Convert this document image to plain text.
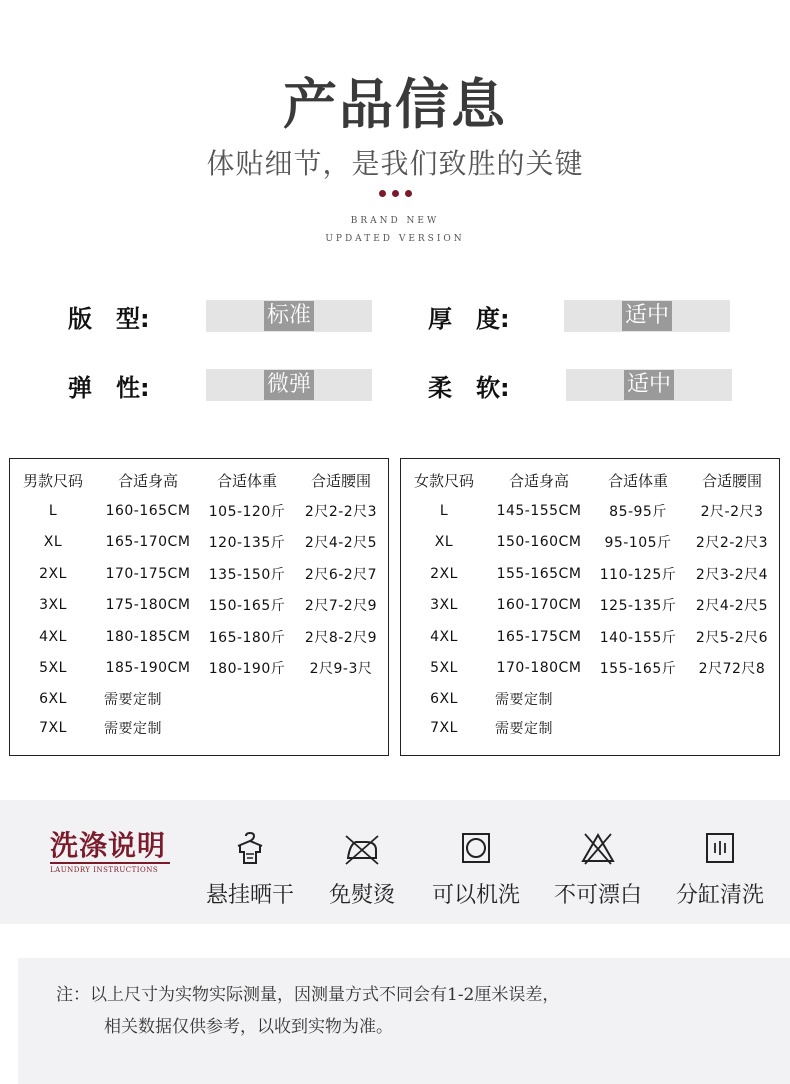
产品信息
体贴细节，是我们致胜的关键
BRAND NEW
UPDATED VERSION
版　型:	标准	厚　度:	适中
弹　性:	微弹	柔　软:	适中
男款尺码	合适身高	合适体重	合适腰围
L	160-165CM	105-120斤	2尺2-2尺3
XL	165-170CM	120-135斤	2尺4-2尺5
2XL	170-175CM	135-150斤	2尺6-2尺7
3XL	175-180CM	150-165斤	2尺7-2尺9
4XL	180-185CM	165-180斤	2尺8-2尺9
5XL	185-190CM	180-190斤	2尺9-3尺
6XL	需要定制		
7XL	需要定制		
女款尺码	合适身高	合适体重	合适腰围
L	145-155CM	85-95斤	2尺-2尺3
XL	150-160CM	95-105斤	2尺2-2尺3
2XL	155-165CM	110-125斤	2尺3-2尺4
3XL	160-170CM	125-135斤	2尺4-2尺5
4XL	165-175CM	140-155斤	2尺5-2尺6
5XL	170-180CM	155-165斤	2尺72尺8
6XL	需要定制		
7XL	需要定制		
洗涤说明
LAUNDRY INSTRUCTIONS
悬挂晒干	免熨烫	可以机洗	不可漂白	分缸清洗
注：以上尺寸为实物实际测量，因测量方式不同会有1-2厘米误差，
相关数据仅供参考，以收到实物为准。
